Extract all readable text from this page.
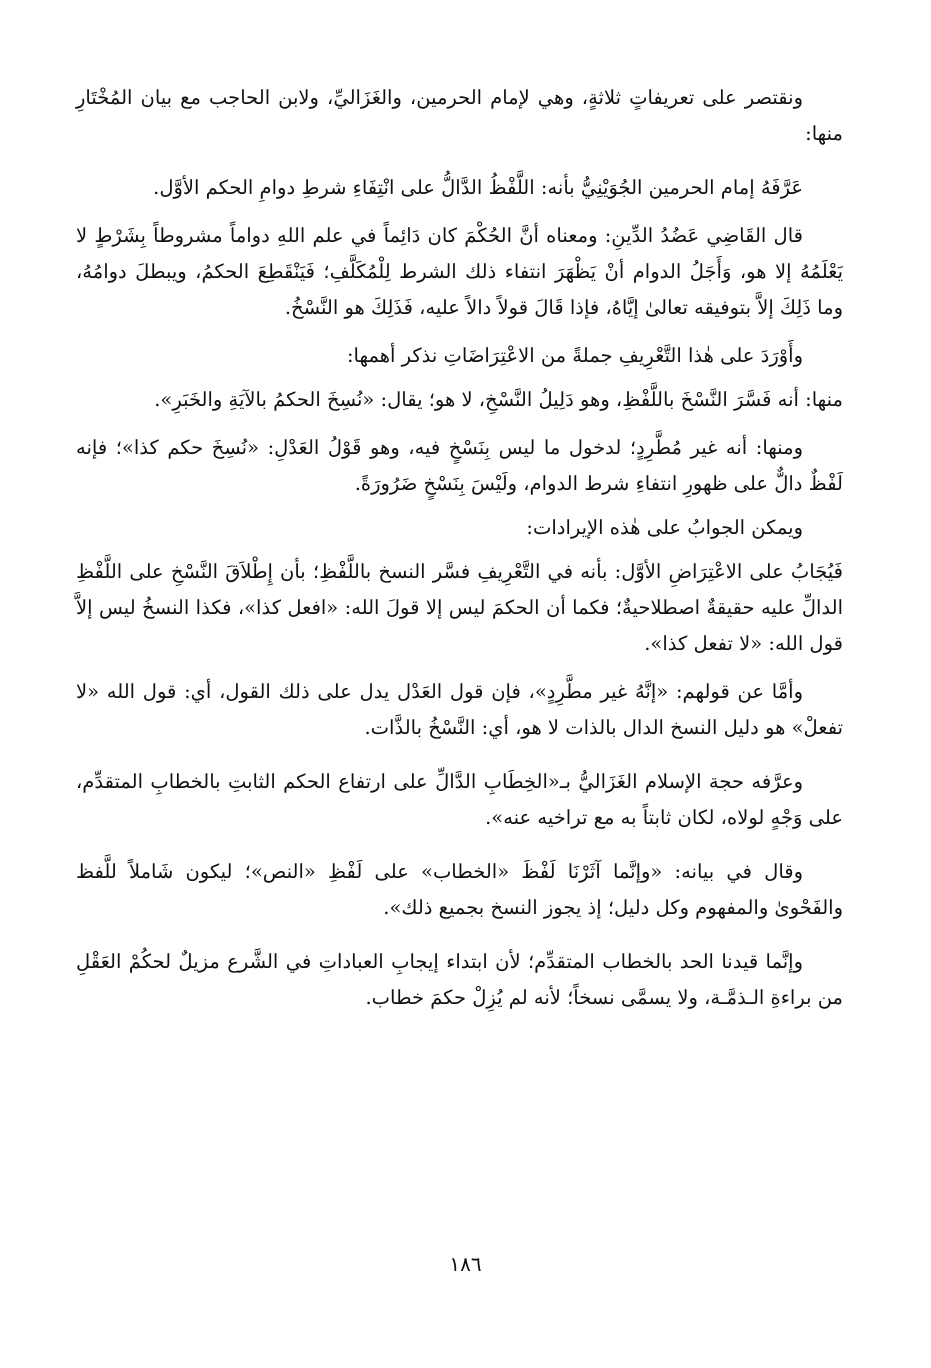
ونقتصر على تعريفاتٍ ثلاثةٍ، وهي لإمام الحرمين، والغَزَاليِّ، ولابن الحاجب مع بيان المُخْتَارِ منها:

عَرَّفَهُ إمام الحرمين الجُوَيْنِيُّ بأنه: اللَّفْظُ الدَّالُّ على انْتِفَاءِ شرطِ دوامِ الحكم الأوَّل.

قال القَاضِي عَضُدُ الدِّينِ: ومعناه أنَّ الحُكْمَ كان دَائِماً في علم اللهِ دواماً مشروطاً بِشَرْطٍ لا يَعْلَمُهُ إلا هو، وَأَجَلُ الدوام أنْ يَظْهَرَ انتفاء ذلك الشرط لِلْمُكَلَّفِ؛ فَيَنْقَطِعَ الحكمُ، ويبطلَ دوامُهُ، وما ذَلِكَ إلاَّ بتوفيقه تعالىٰ إيَّاهُ، فإذا قَالَ قولاً دالاً عليه، فَذَلِكَ هو النَّسْخُ.

وأَوْرَدَ على هٰذا التَّعْرِيفِ جملةً من الاعْتِرَاضَاتِ نذكر أهمها:

منها: أنه فَسَّرَ النَّسْخَ باللَّفْظِ، وهو دَلِيلُ النَّسْخِ، لا هو؛ يقال: «نُسِخَ الحكمُ بالآيَةِ والخَبَرِ».

ومنها: أنه غير مُطَّرِدٍ؛ لدخول ما ليس بِنَسْخٍ فيه، وهو قَوْلُ العَدْلِ: «نُسِخَ حكم كذا»؛ فإنه لَفْظٌ دالٌّ على ظهورِ انتفاءِ شرط الدوام، ولَيْسَ بِنَسْخٍ ضَرُورَةً.

ويمكن الجوابُ على هٰذه الإيرادات:

فَيُجَابُ على الاعْتِرَاضِ الأوَّل: بأنه في التَّعْرِيفِ فسَّر النسخ باللَّفْظِ؛ بأن إِطْلاَقَ النَّسْخِ على اللَّفْظِ الدالِّ عليه حقيقةٌ اصطلاحيةٌ؛ فكما أن الحكمَ ليس إلا قولَ الله: «افعل كذا»، فكذا النسخُ ليس إلاَّ قول الله: «لا تفعل كذا».

وأمَّا عن قولهم: «إنَّهُ غير مطَّرِدٍ»، فإن قول العَدْل يدل على ذلك القول، أي: قول الله «لا تفعلْ» هو دليل النسخ الدال بالذات لا هو، أي: النَّسْخُ بالذَّات.

وعرَّفه حجة الإسلام الغَزَاليُّ بـ«الخِطَابِ الدَّالِّ على ارتفاع الحكم الثابتِ بالخطابِ المتقدِّم، على وَجْهٍ لولاه، لكان ثابتاً به مع تراخيه عنه».

وقال في بيانه: «وإنَّما آثَرْنَا لَفْظَ «الخطاب» على لَفْظِ «النص»؛ ليكون شَاملاً للَّفظ والفَحْوىٰ والمفهوم وكل دليل؛ إذ يجوز النسخ بجميع ذلك».

وإنَّما قيدنا الحد بالخطاب المتقدِّم؛ لأن ابتداء إيجابِ العباداتِ في الشَّرع مزيلٌ لحكُمْ العَقْلِ من براءةِ الـذمَّـة، ولا يسمَّى نسخاً؛ لأنه لم يُزِلْ حكمَ خطاب.

١٨٦
